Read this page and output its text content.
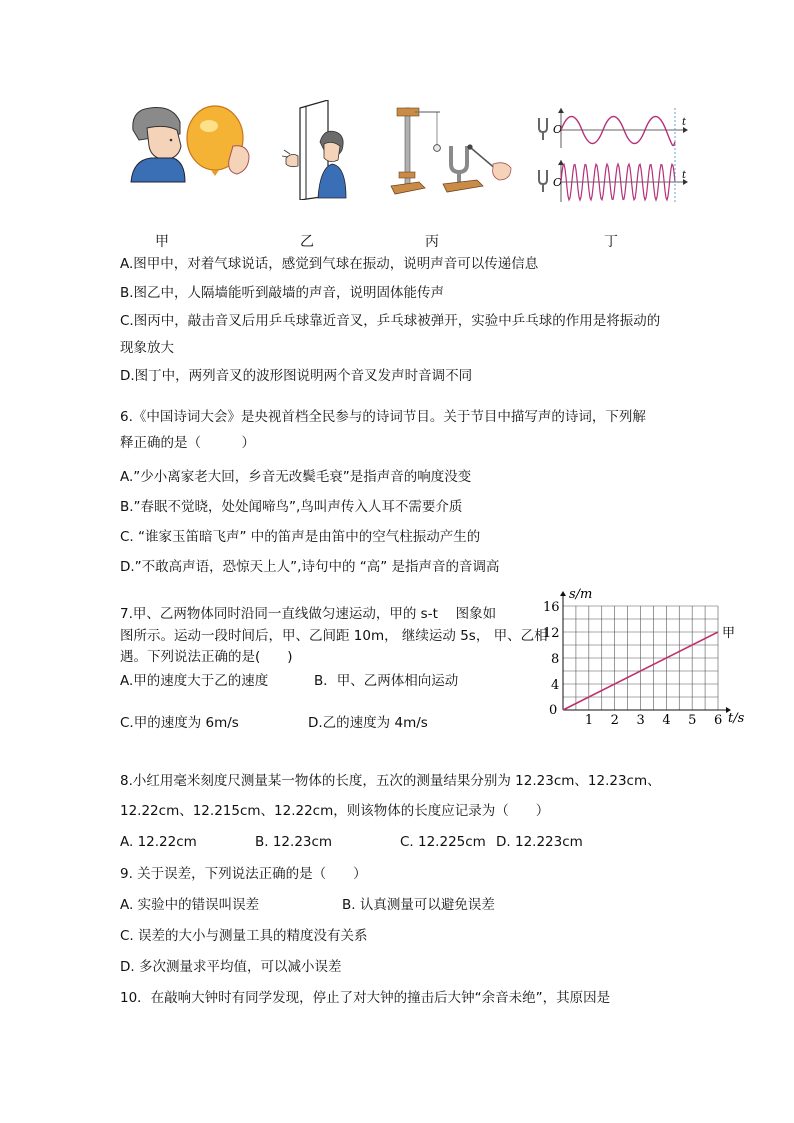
O
t
O
t
甲	乙	丙	丁
A.图甲中，对着气球说话，感觉到气球在振动，说明声音可以传递信息
B.图乙中，人隔墙能听到敲墙的声音，说明固体能传声
C.图丙中，敲击音叉后用乒乓球靠近音叉，乒乓球被弹开，实验中乒乓球的作用是将振动的
现象放大
D.图丁中，两列音叉的波形图说明两个音叉发声时音调不同
6.《中国诗词大会》是央视首档全民参与的诗词节目。关于节目中描写声的诗词，下列解
释正确的是（　　　）
A.”少小离家老大回，乡音无改鬓毛衰”是指声音的响度没变
B.”春眠不觉晓，处处闻啼鸟”,鸟叫声传入人耳不需要介质
C. “谁家玉笛暗飞声” 中的笛声是由笛中的空气柱振动产生的
D.”不敢高声语，恐惊天上人”,诗句中的 “高” 是指声音的音调高
7.甲、乙两物体同时沿同一直线做匀速运动，甲的 s-t　 图象如
图所示。运动一段时间后，甲、乙间距 10m， 继续运动 5s， 甲、乙相
遇。下列说法正确的是(　　)
A.甲的速度大于乙的速度	B．甲、乙两体相向运动
C.甲的速度为 6m/s	D.乙的速度为 4m/s
0
1 2 3 4 5 6
4
8
12
16
t/s
s/m
甲
8.小红用毫米刻度尺测量某一物体的长度，五次的测量结果分别为 12.23cm、12.23cm、
12.22cm、12.215cm、12.22cm，则该物体的长度应记录为（　　）
A. 12.22cm	B. 12.23cm	C. 12.225cm D. 12.223cm
9. 关于误差，下列说法正确的是（　　）
A. 实验中的错误叫误差	B. 认真测量可以避免误差
C. 误差的大小与测量工具的精度没有关系
D. 多次测量求平均值，可以减小误差
10．在敲响大钟时有同学发现，停止了对大钟的撞击后大钟“余音未绝”，其原因是
